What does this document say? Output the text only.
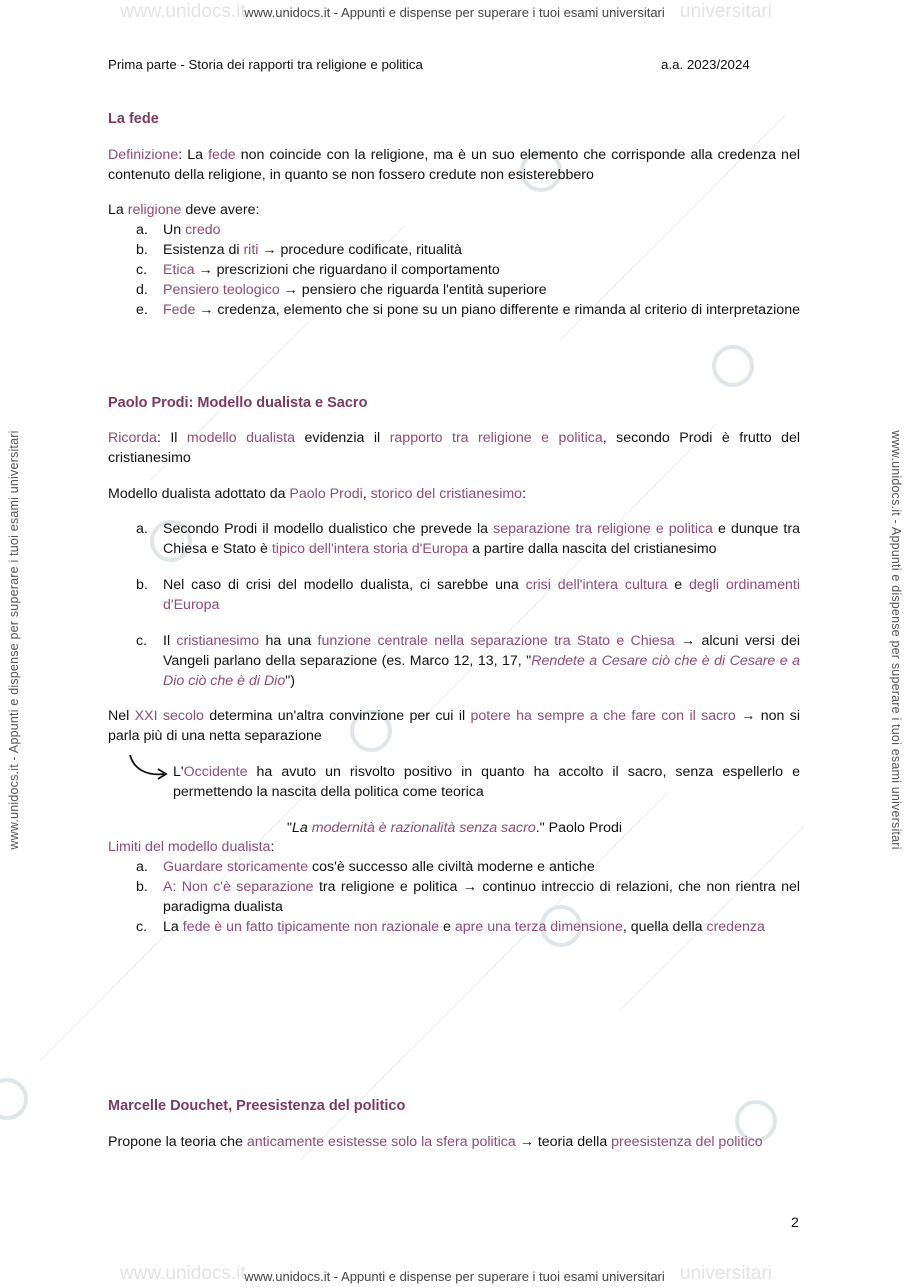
www.unidocs.it	universitari
www.unidocs.it	universitari
www.unidocs.it - Appunti e dispense per superare i tuoi esami universitari
www.unidocs.it - Appunti e dispense per superare i tuoi esami universitari
www.unidocs.it - Appunti e dispense per superare i tuoi esami universitari	www.unidocs.it - Appunti e dispense per superare i tuoi esami universitari
Prima parte - Storia dei rapporti tra religione e politica	a.a. 2023/2024
La fede
Definizione: La fede non coincide con la religione, ma è un suo elemento che corrisponde alla credenza nel contenuto della religione, in quanto se non fossero credute non esisterebbero
La religione deve avere:
a. Un credo
b. Esistenza di riti → procedure codificate, ritualità
c. Etica → prescrizioni che riguardano il comportamento
d. Pensiero teologico → pensiero che riguarda l'entità superiore
e. Fede → credenza, elemento che si pone su un piano differente e rimanda al criterio di interpretazione
Paolo Prodi: Modello dualista e Sacro
Ricorda: Il modello dualista evidenzia il rapporto tra religione e politica, secondo Prodi è frutto del cristianesimo
Modello dualista adottato da Paolo Prodi, storico del cristianesimo:
a. Secondo Prodi il modello dualistico che prevede la separazione tra religione e politica e dunque tra Chiesa e Stato è tipico dell'intera storia d'Europa a partire dalla nascita del cristianesimo
b. Nel caso di crisi del modello dualista, ci sarebbe una crisi dell'intera cultura e degli ordinamenti d'Europa
c. Il cristianesimo ha una funzione centrale nella separazione tra Stato e Chiesa → alcuni versi dei Vangeli parlano della separazione (es. Marco 12, 13, 17, "Rendete a Cesare ciò che è di Cesare e a Dio ciò che è di Dio")
Nel XXI secolo determina un'altra convinzione per cui il potere ha sempre a che fare con il sacro → non si parla più di una netta separazione
L'Occidente ha avuto un risvolto positivo in quanto ha accolto il sacro, senza espellerlo e permettendo la nascita della politica come teorica
"La modernità è razionalità senza sacro." Paolo Prodi
Limiti del modello dualista:
a. Guardare storicamente cos'è successo alle civiltà moderne e antiche
b. A: Non c'è separazione tra religione e politica → continuo intreccio di relazioni, che non rientra nel paradigma dualista
c. La fede è un fatto tipicamente non razionale e apre una terza dimensione, quella della credenza
Marcelle Douchet, Preesistenza del politico
Propone la teoria che anticamente esistesse solo la sfera politica → teoria della preesistenza del politico
2
